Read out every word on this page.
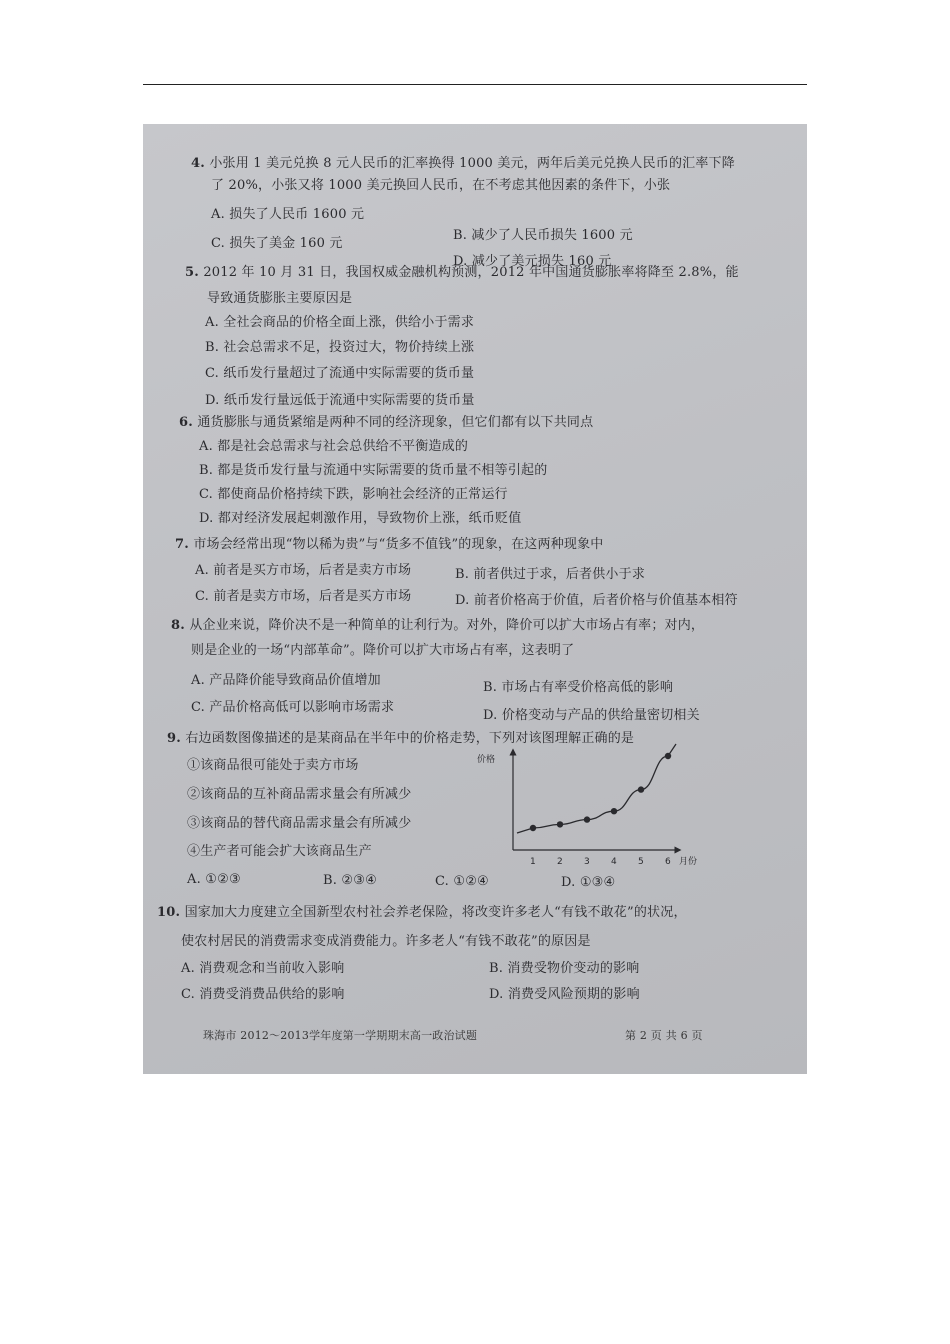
4. 小张用 1 美元兑换 8 元人民币的汇率换得 1000 美元，两年后美元兑换人民币的汇率下降
了 20%，小张又将 1000 美元换回人民币，在不考虑其他因素的条件下，小张
A. 损失了人民币 1600 元
B. 减少了人民币损失 1600 元
C. 损失了美金 160 元
D. 减少了美元损失 160 元
5. 2012 年 10 月 31 日，我国权威金融机构预测，2012 年中国通货膨胀率将降至 2.8%，能
导致通货膨胀主要原因是
A. 全社会商品的价格全面上涨，供给小于需求
B. 社会总需求不足，投资过大，物价持续上涨
C. 纸币发行量超过了流通中实际需要的货币量
D. 纸币发行量远低于流通中实际需要的货币量
6. 通货膨胀与通货紧缩是两种不同的经济现象，但它们都有以下共同点
A. 都是社会总需求与社会总供给不平衡造成的
B. 都是货币发行量与流通中实际需要的货币量不相等引起的
C. 都使商品价格持续下跌，影响社会经济的正常运行
D. 都对经济发展起刺激作用，导致物价上涨，纸币贬值
7. 市场会经常出现“物以稀为贵”与“货多不值钱”的现象，在这两种现象中
A. 前者是买方市场，后者是卖方市场	B. 前者供过于求，后者供小于求
C. 前者是卖方市场，后者是买方市场	D. 前者价格高于价值，后者价格与价值基本相符
8. 从企业来说，降价决不是一种简单的让利行为。对外，降价可以扩大市场占有率；对内，
则是企业的一场“内部革命”。降价可以扩大市场占有率，这表明了
A. 产品降价能导致商品价值增加	B. 市场占有率受价格高低的影响
C. 产品价格高低可以影响市场需求
D. 价格变动与产品的供给量密切相关
9. 右边函数图像描述的是某商品在半年中的价格走势，下列对该图理解正确的是
①该商品很可能处于卖方市场
②该商品的互补商品需求量会有所减少
③该商品的替代商品需求量会有所减少
④生产者可能会扩大该商品生产
价格
月份
1 2 3 4 5 6
A. ①②③	B. ②③④	C. ①②④	D. ①③④
10. 国家加大力度建立全国新型农村社会养老保险，将改变许多老人“有钱不敢花”的状况，
使农村居民的消费需求变成消费能力。许多老人“有钱不敢花”的原因是
A. 消费观念和当前收入影响	B. 消费受物价变动的影响
C. 消费受消费品供给的影响	D. 消费受风险预期的影响
珠海市 2012～2013学年度第一学期期末高一政治试题	第 2 页 共 6 页
